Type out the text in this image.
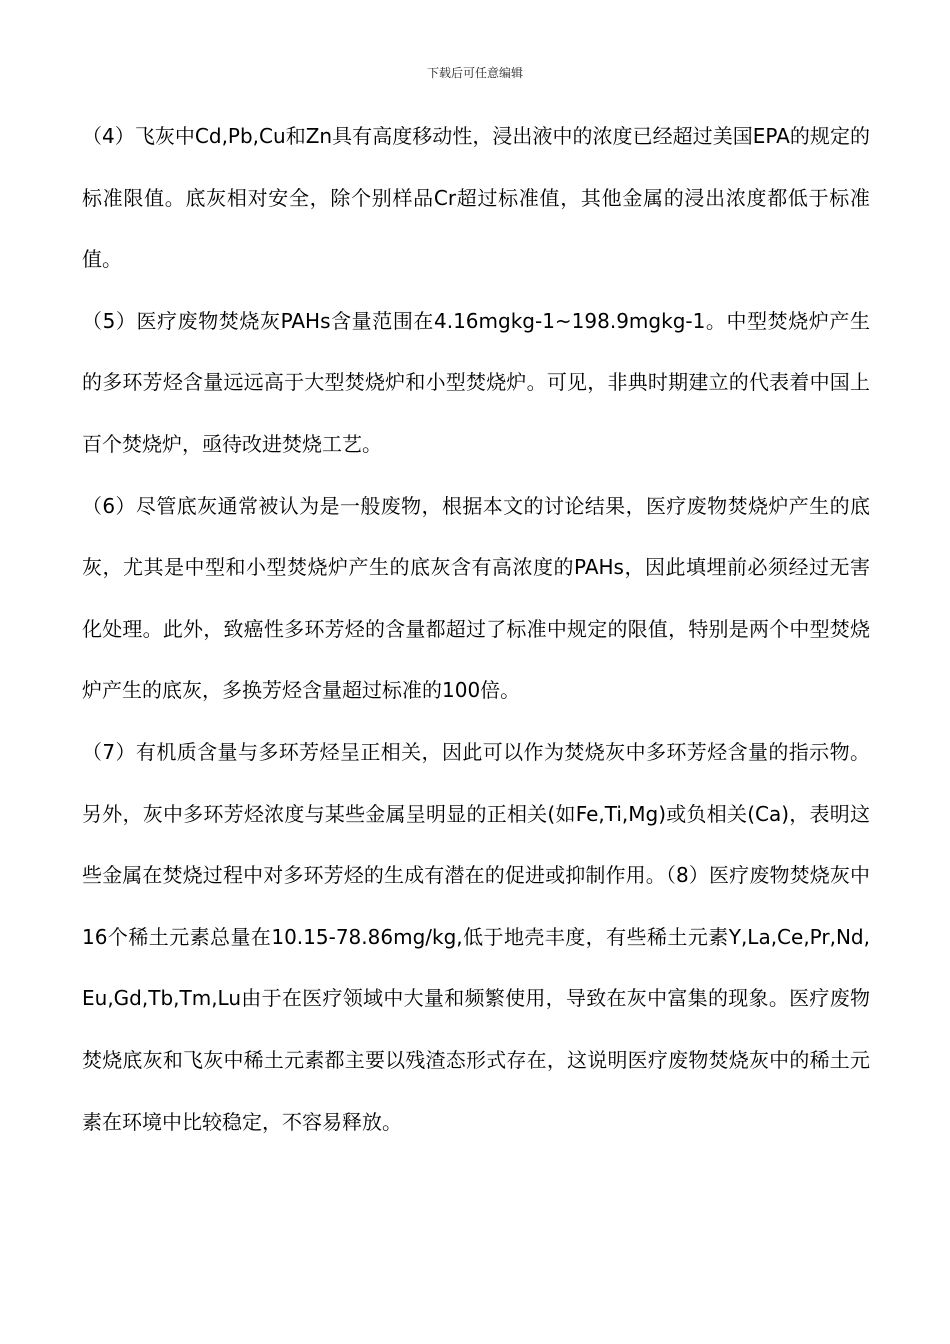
下载后可任意编辑

（4）飞灰中Cd,Pb,Cu和Zn具有高度移动性，浸出液中的浓度已经超过美国EPA的规定的标准限值。底灰相对安全，除个别样品Cr超过标准值，其他金属的浸出浓度都低于标准值。

（5）医疗废物焚烧灰PAHs含量范围在4.16mgkg-1~198.9mgkg-1。中型焚烧炉产生的多环芳烃含量远远高于大型焚烧炉和小型焚烧炉。可见，非典时期建立的代表着中国上百个焚烧炉，亟待改进焚烧工艺。

（6）尽管底灰通常被认为是一般废物，根据本文的讨论结果，医疗废物焚烧炉产生的底灰，尤其是中型和小型焚烧炉产生的底灰含有高浓度的PAHs，因此填埋前必须经过无害化处理。此外，致癌性多环芳烃的含量都超过了标准中规定的限值，特别是两个中型焚烧炉产生的底灰，多换芳烃含量超过标准的100倍。

（7）有机质含量与多环芳烃呈正相关，因此可以作为焚烧灰中多环芳烃含量的指示物。另外，灰中多环芳烃浓度与某些金属呈明显的正相关(如Fe,Ti,Mg)或负相关(Ca)，表明这些金属在焚烧过程中对多环芳烃的生成有潜在的促进或抑制作用。（8）医疗废物焚烧灰中16个稀土元素总量在10.15-78.86mg/kg,低于地壳丰度，有些稀土元素Y,La,Ce,Pr,Nd,Eu,Gd,Tb,Tm,Lu由于在医疗领域中大量和频繁使用，导致在灰中富集的现象。医疗废物焚烧底灰和飞灰中稀土元素都主要以残渣态形式存在，这说明医疗废物焚烧灰中的稀土元素在环境中比较稳定，不容易释放。
